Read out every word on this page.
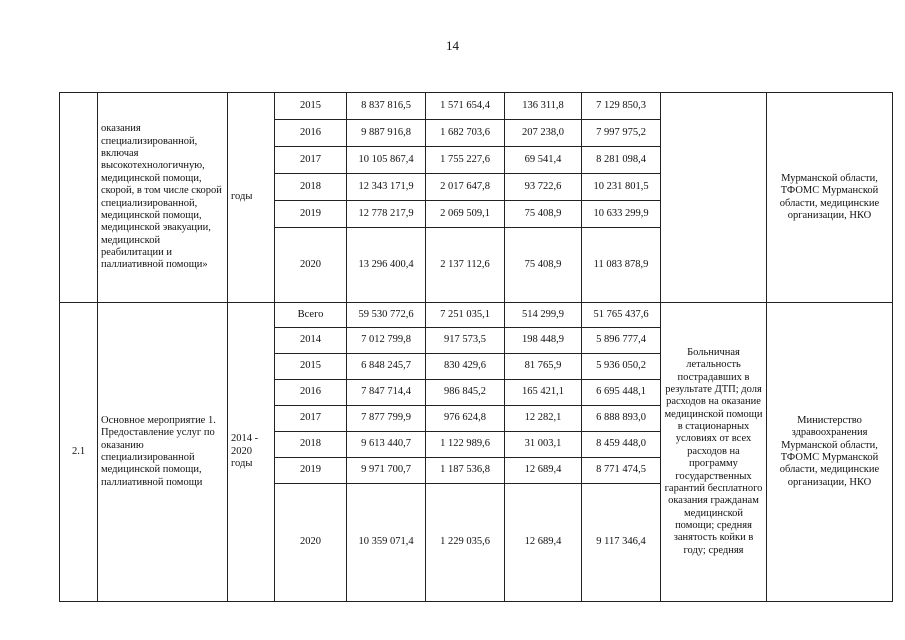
14
	оказания специализированной, включая высокотехнологичную, медицинской помощи, скорой, в том числе скорой специализированной, медицинской помощи, медицинской эвакуации, медицинской реабилитации и паллиативной помощи»	годы	2015	8 837 816,5	1 571 654,4	136 311,8	7 129 850,3		Мурманской области, ТФОМС Мурманской области, медицинские организации, НКО
			2016	9 887 916,8	1 682 703,6	207 238,0	7 997 975,2		
			2017	10 105 867,4	1 755 227,6	69 541,4	8 281 098,4		
			2018	12 343 171,9	2 017 647,8	93 722,6	10 231 801,5		
			2019	12 778 217,9	2 069 509,1	75 408,9	10 633 299,9		
			2020	13 296 400,4	2 137 112,6	75 408,9	11 083 878,9		
2.1	Основное мероприятие 1. Предоставление услуг по оказанию специализированной медицинской помощи, паллиативной помощи	2014 - 2020 годы	Всего	59 530 772,6	7 251 035,1	514 299,9	51 765 437,6	Больничная летальность пострадавших в результате ДТП; доля расходов на оказание медицинской помощи в стационарных условиях от всех расходов на программу государственных гарантий бесплатного оказания гражданам медицинской помощи; средняя занятость койки в году; средняя	Министерство здравоохранения Мурманской области, ТФОМС Мурманской области, медицинские организации, НКО
			2014	7 012 799,8	917 573,5	198 448,9	5 896 777,4		
			2015	6 848 245,7	830 429,6	81 765,9	5 936 050,2		
			2016	7 847 714,4	986 845,2	165 421,1	6 695 448,1		
			2017	7 877 799,9	976 624,8	12 282,1	6 888 893,0		
			2018	9 613 440,7	1 122 989,6	31 003,1	8 459 448,0		
			2019	9 971 700,7	1 187 536,8	12 689,4	8 771 474,5		
			2020	10 359 071,4	1 229 035,6	12 689,4	9 117 346,4		
